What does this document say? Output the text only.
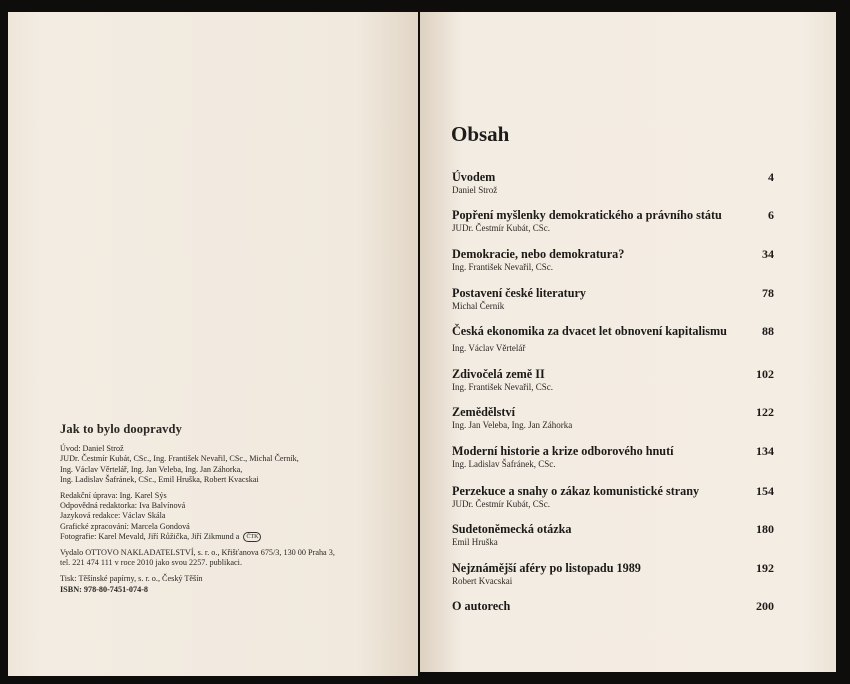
Jak to bylo doopravdy
Úvod: Daniel Strož
JUDr. Čestmír Kubát, CSc., Ing. František Nevařil, CSc., Michal Černík,
Ing. Václav Věrtelář, Ing. Jan Veleba, Ing. Jan Záhorka,
Ing. Ladislav Šafránek, CSc., Emil Hruška, Robert Kvacskai
Redakční úprava: Ing. Karel Sýs
Odpovědná redaktorka: Iva Balvínová
Jazyková redakce: Václav Skála
Grafické zpracování: Marcela Gondová
Fotografie: Karel Mevald, Jiří Růžička, Jiří Zikmund a ČTK
Vydalo OTTOVO NAKLADATELSTVÍ, s. r. o., Křišťanova 675/3, 130 00 Praha 3,
tel. 221 474 111 v roce 2010 jako svou 2257. publikaci.
Tisk: Těšínské papírny, s. r. o., Český Těšín
ISBN: 978-80-7451-074-8
Obsah
Úvodem
Daniel Strož
4
Popření myšlenky demokratického a právního státu
JUDr. Čestmír Kubát, CSc.
6
Demokracie, nebo demokratura?
Ing. František Nevařil, CSc.
34
Postavení české literatury
Michal Černík
78
Česká ekonomika za dvacet let obnovení kapitalismu
Ing. Václav Věrtelář
88
Zdivočelá země II
Ing. František Nevařil, CSc.
102
Zemědělství
Ing. Jan Veleba, Ing. Jan Záhorka
122
Moderní historie a krize odborového hnutí
Ing. Ladislav Šafránek, CSc.
134
Perzekuce a snahy o zákaz komunistické strany
JUDr. Čestmír Kubát, CSc.
154
Sudetoněmecká otázka
Emil Hruška
180
Nejznámější aféry po listopadu 1989
Robert Kvacskai
192
O autorech	200
